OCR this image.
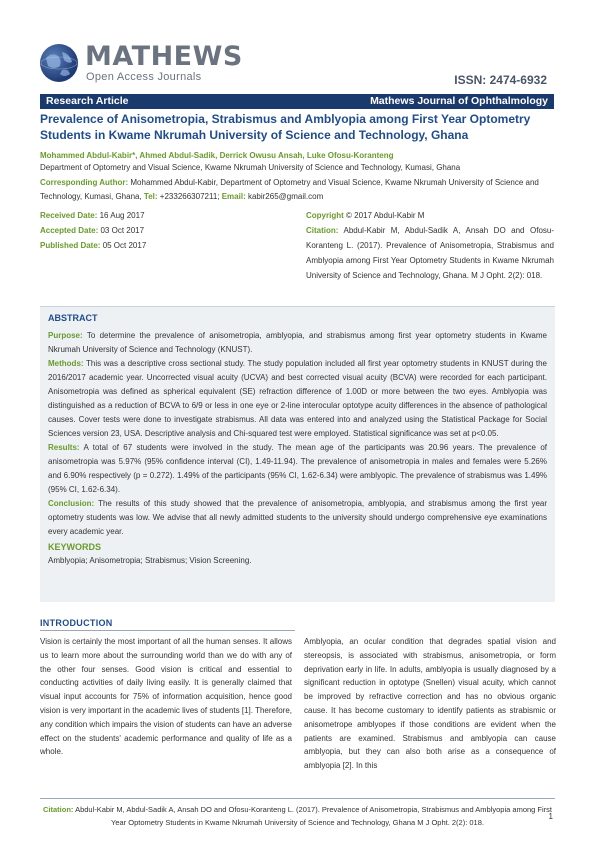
MATHEWS
Open Access Journals	ISSN: 2474-6932
Research Article	Mathews Journal of Ophthalmology
Prevalence of Anisometropia, Strabismus and Amblyopia among First Year Optometry Students in Kwame Nkrumah University of Science and Technology, Ghana
Mohammed Abdul-Kabir*, Ahmed Abdul-Sadik, Derrick Owusu Ansah, Luke Ofosu-Koranteng
Department of Optometry and Visual Science, Kwame Nkrumah University of Science and Technology, Kumasi, Ghana
Corresponding Author: Mohammed Abdul-Kabir, Department of Optometry and Visual Science, Kwame Nkrumah University of Science and Technology, Kumasi, Ghana, Tel: +233266307211; Email: kabir265@gmail.com
Received Date: 16 Aug 2017
Accepted Date: 03 Oct 2017
Published Date: 05 Oct 2017
Copyright © 2017 Abdul-Kabir M
Citation: Abdul-Kabir M, Abdul-Sadik A, Ansah DO and Ofosu-Koranteng L. (2017). Prevalence of Anisometropia, Strabismus and Amblyopia among First Year Optometry Students in Kwame Nkrumah University of Science and Technology, Ghana. M J Opht. 2(2): 018.
ABSTRACT

Purpose: To determine the prevalence of anisometropia, amblyopia, and strabismus among first year optometry students in Kwame Nkrumah University of Science and Technology (KNUST).

Methods: This was a descriptive cross sectional study. The study population included all first year optometry students in KNUST during the 2016/2017 academic year. Uncorrected visual acuity (UCVA) and best corrected visual acuity (BCVA) were recorded for each participant. Anisometropia was defined as spherical equivalent (SE) refraction difference of 1.00D or more between the two eyes. Amblyopia was distinguished as a reduction of BCVA to 6/9 or less in one eye or 2-line interocular optotype acuity differences in the absence of pathological causes. Cover tests were done to investigate strabismus. All data was entered into and analyzed using the Statistical Package for Social Sciences version 23, USA. Descriptive analysis and Chi-squared test were employed. Statistical significance was set at p<0.05.

Results: A total of 67 students were involved in the study. The mean age of the participants was 20.96 years. The prevalence of anisometropia was 5.97% (95% confidence interval (CI), 1.49-11.94). The prevalence of anisometropia in males and females were 5.26% and 6.90% respectively (p = 0.272). 1.49% of the participants (95% CI, 1.62-6.34) were amblyopic. The prevalence of strabismus was 1.49% (95% CI, 1.62-6.34).

Conclusion: The results of this study showed that the prevalence of anisometropia, amblyopia, and strabismus among the first year optometry students was low. We advise that all newly admitted students to the university should undergo comprehensive eye examinations every academic year.

KEYWORDS

Amblyopia; Anisometropia; Strabismus; Vision Screening.

INTRODUCTION
Vision is certainly the most important of all the human senses. It allows us to learn more about the surrounding world than we do with any of the other four senses. Good vision is critical and essential to conducting activities of daily living easily. It is generally claimed that visual input accounts for 75% of information acquisition, hence good vision is very important in the academic lives of students [1]. Therefore, any condition which impairs the vision of students can have an adverse effect on the students' academic performance and quality of life as a whole.
Amblyopia, an ocular condition that degrades spatial vision and stereopsis, is associated with strabismus, anisometropia, or form deprivation early in life. In adults, amblyopia is usually diagnosed by a significant reduction in optotype (Snellen) visual acuity, which cannot be improved by refractive correction and has no obvious organic cause. It has become customary to identify patients as strabismic or anisometrope amblyopes if those conditions are evident when the patients are examined. Strabismus and amblyopia can cause amblyopia, but they can also both arise as a consequence of amblyopia [2]. In this
Citation: Abdul-Kabir M, Abdul-Sadik A, Ansah DO and Ofosu-Koranteng L. (2017). Prevalence of Anisometropia, Strabismus and Amblyopia among First Year Optometry Students in Kwame Nkrumah University of Science and Technology, Ghana M J Opht. 2(2): 018.
1
